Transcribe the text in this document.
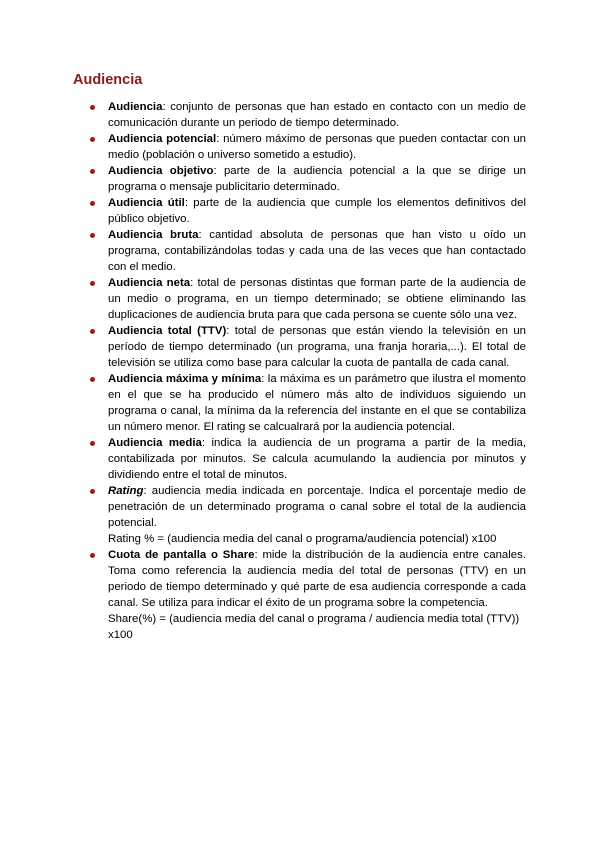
Audiencia
Audiencia: conjunto de personas que han estado en contacto con un medio de comunicación durante un periodo de tiempo determinado.
Audiencia potencial: número máximo de personas que pueden contactar con un medio (población o universo sometido a estudio).
Audiencia objetivo: parte de la audiencia potencial a la que se dirige un programa o mensaje publicitario determinado.
Audiencia útil: parte de la audiencia que cumple los elementos definitivos del público objetivo.
Audiencia bruta: cantidad absoluta de personas que han visto u oído un programa, contabilizándolas todas y cada una de las veces que han contactado con el medio.
Audiencia neta: total de personas distintas que forman parte de la audiencia de un medio o programa, en un tiempo determinado; se obtiene eliminando las duplicaciones de audiencia bruta para que cada persona se cuente sólo una vez.
Audiencia total (TTV): total de personas que están viendo la televisión en un período de tiempo determinado (un programa, una franja horaria,...). El total de televisión se utiliza como base para calcular la cuota de pantalla de cada canal.
Audiencia máxima y mínima: la máxima es un parámetro que ilustra el momento en el que se ha producido el número más alto de individuos siguiendo un programa o canal, la mínima da la referencia del instante en el que se contabiliza un número menor. El rating se calcualrará por la audiencia potencial.
Audiencia media: indica la audiencia de un programa a partir de la media, contabilizada por minutos. Se calcula acumulando la audiencia por minutos y dividiendo entre el total de minutos.
Rating: audiencia media indicada en porcentaje. Indica el porcentaje medio de penetración de un determinado programa o canal sobre el total de la audiencia potencial.
Rating % = (audiencia media del canal o programa/audiencia potencial) x100
Cuota de pantalla o Share: mide la distribución de la audiencia entre canales. Toma como referencia la audiencia media del total de personas (TTV) en un periodo de tiempo determinado y qué parte de esa audiencia corresponde a cada canal. Se utiliza para indicar el éxito de un programa sobre la competencia.
Share(%) = (audiencia media del canal o programa / audiencia media total (TTV)) x100
